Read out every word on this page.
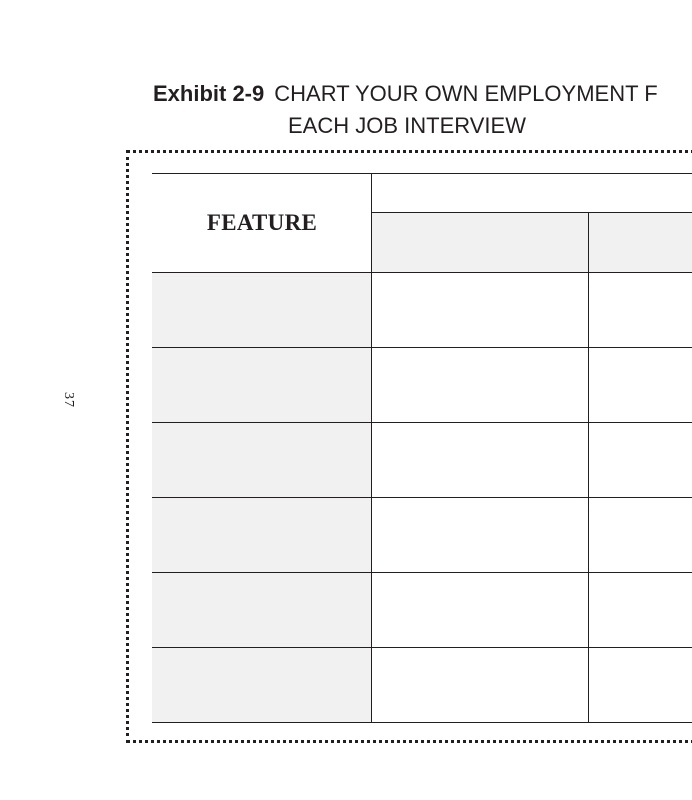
37
Exhibit 2-9 CHART YOUR OWN EMPLOYMENT F
EACH JOB INTERVIEW
FEATURE
